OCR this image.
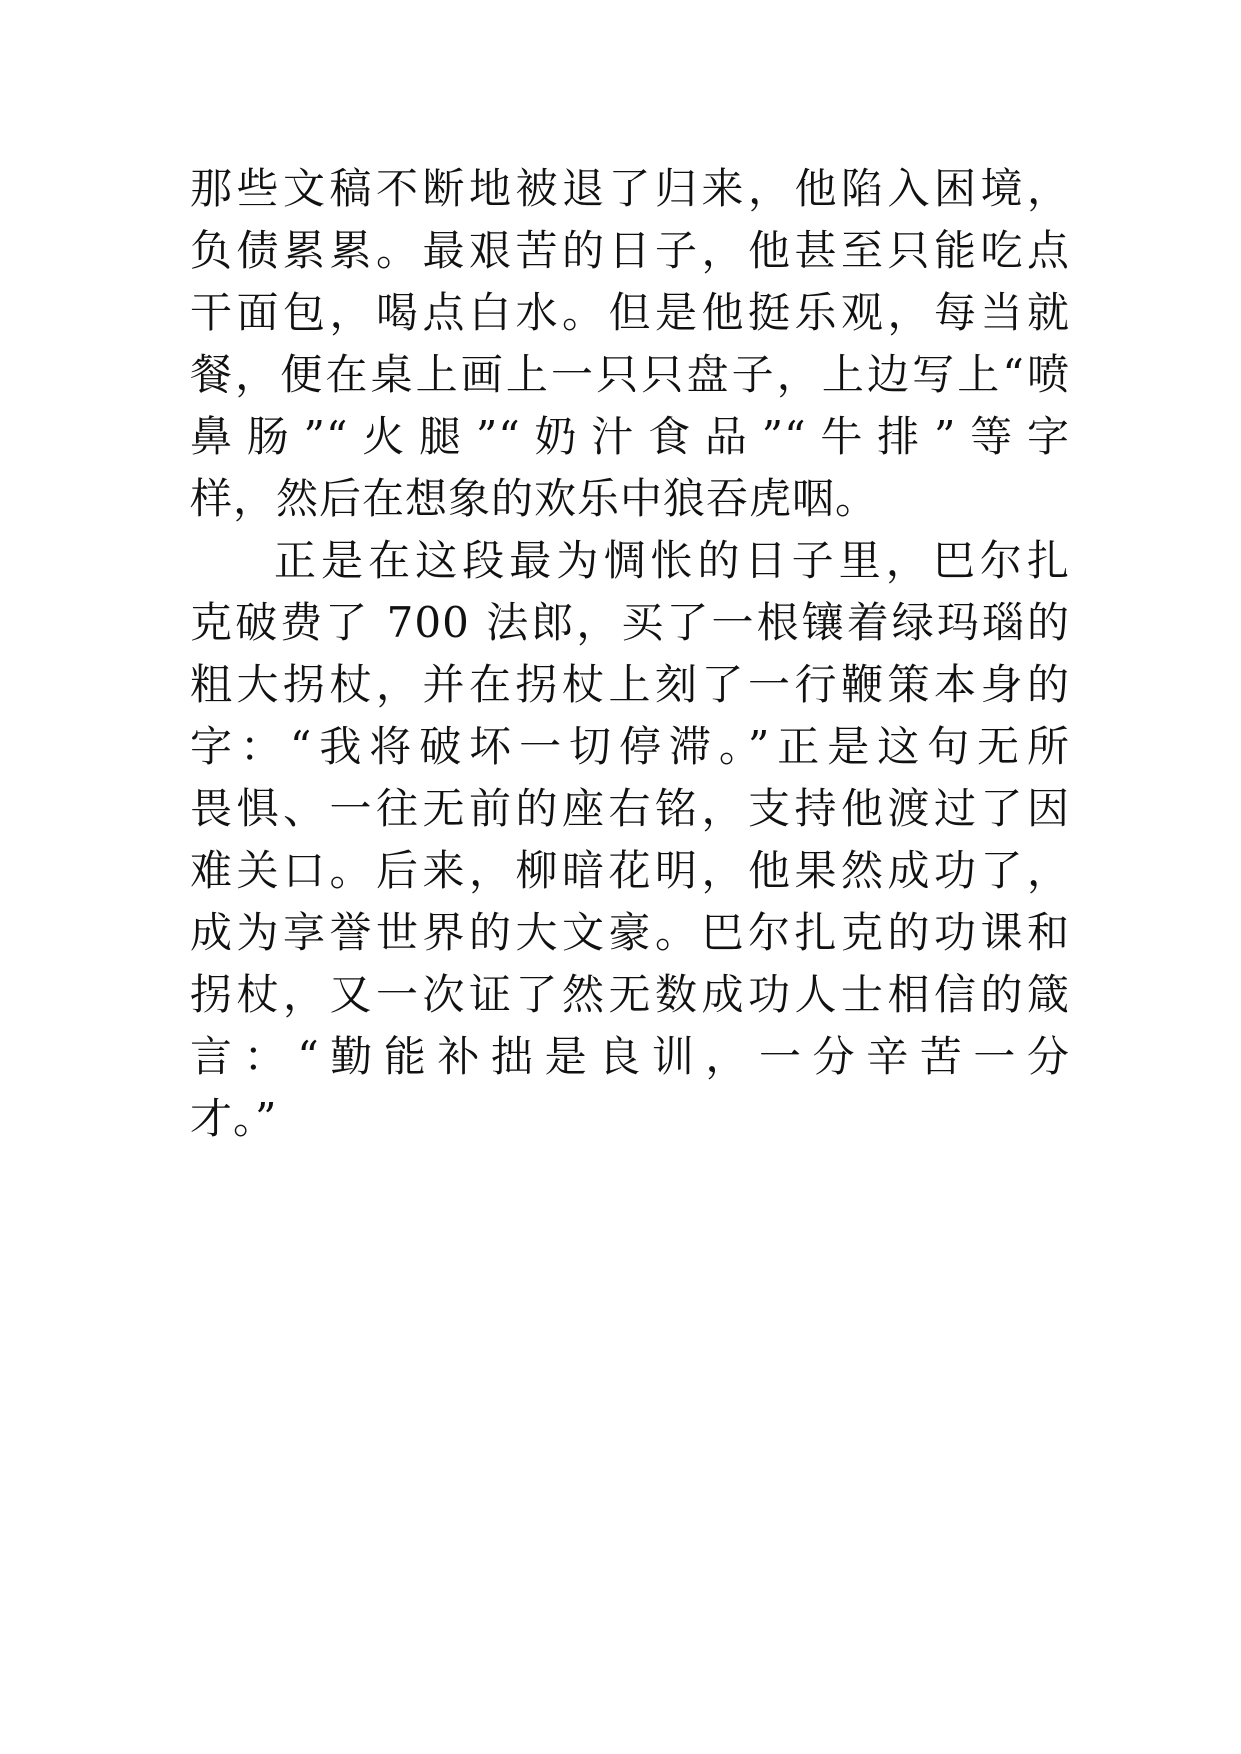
那些文稿不断地被退了归来，他陷入困境，
负债累累。最艰苦的日子，他甚至只能吃点
干面包，喝点白水。但是他挺乐观，每当就
餐，便在桌上画上一只只盘子，上边写上“喷
鼻肠”“火腿”“奶汁食品”“牛排”等字
样，然后在想象的欢乐中狼吞虎咽。
正是在这段最为惆怅的日子里，巴尔扎
克破费了 700 法郎，买了一根镶着绿玛瑙的
粗大拐杖，并在拐杖上刻了一行鞭策本身的
字：“我将破坏一切停滞。”正是这句无所
畏惧、一往无前的座右铭，支持他渡过了因
难关口。后来，柳暗花明，他果然成功了，
成为享誉世界的大文豪。巴尔扎克的功课和
拐杖，又一次证了然无数成功人士相信的箴
言：“勤能补拙是良训，一分辛苦一分
才。”
